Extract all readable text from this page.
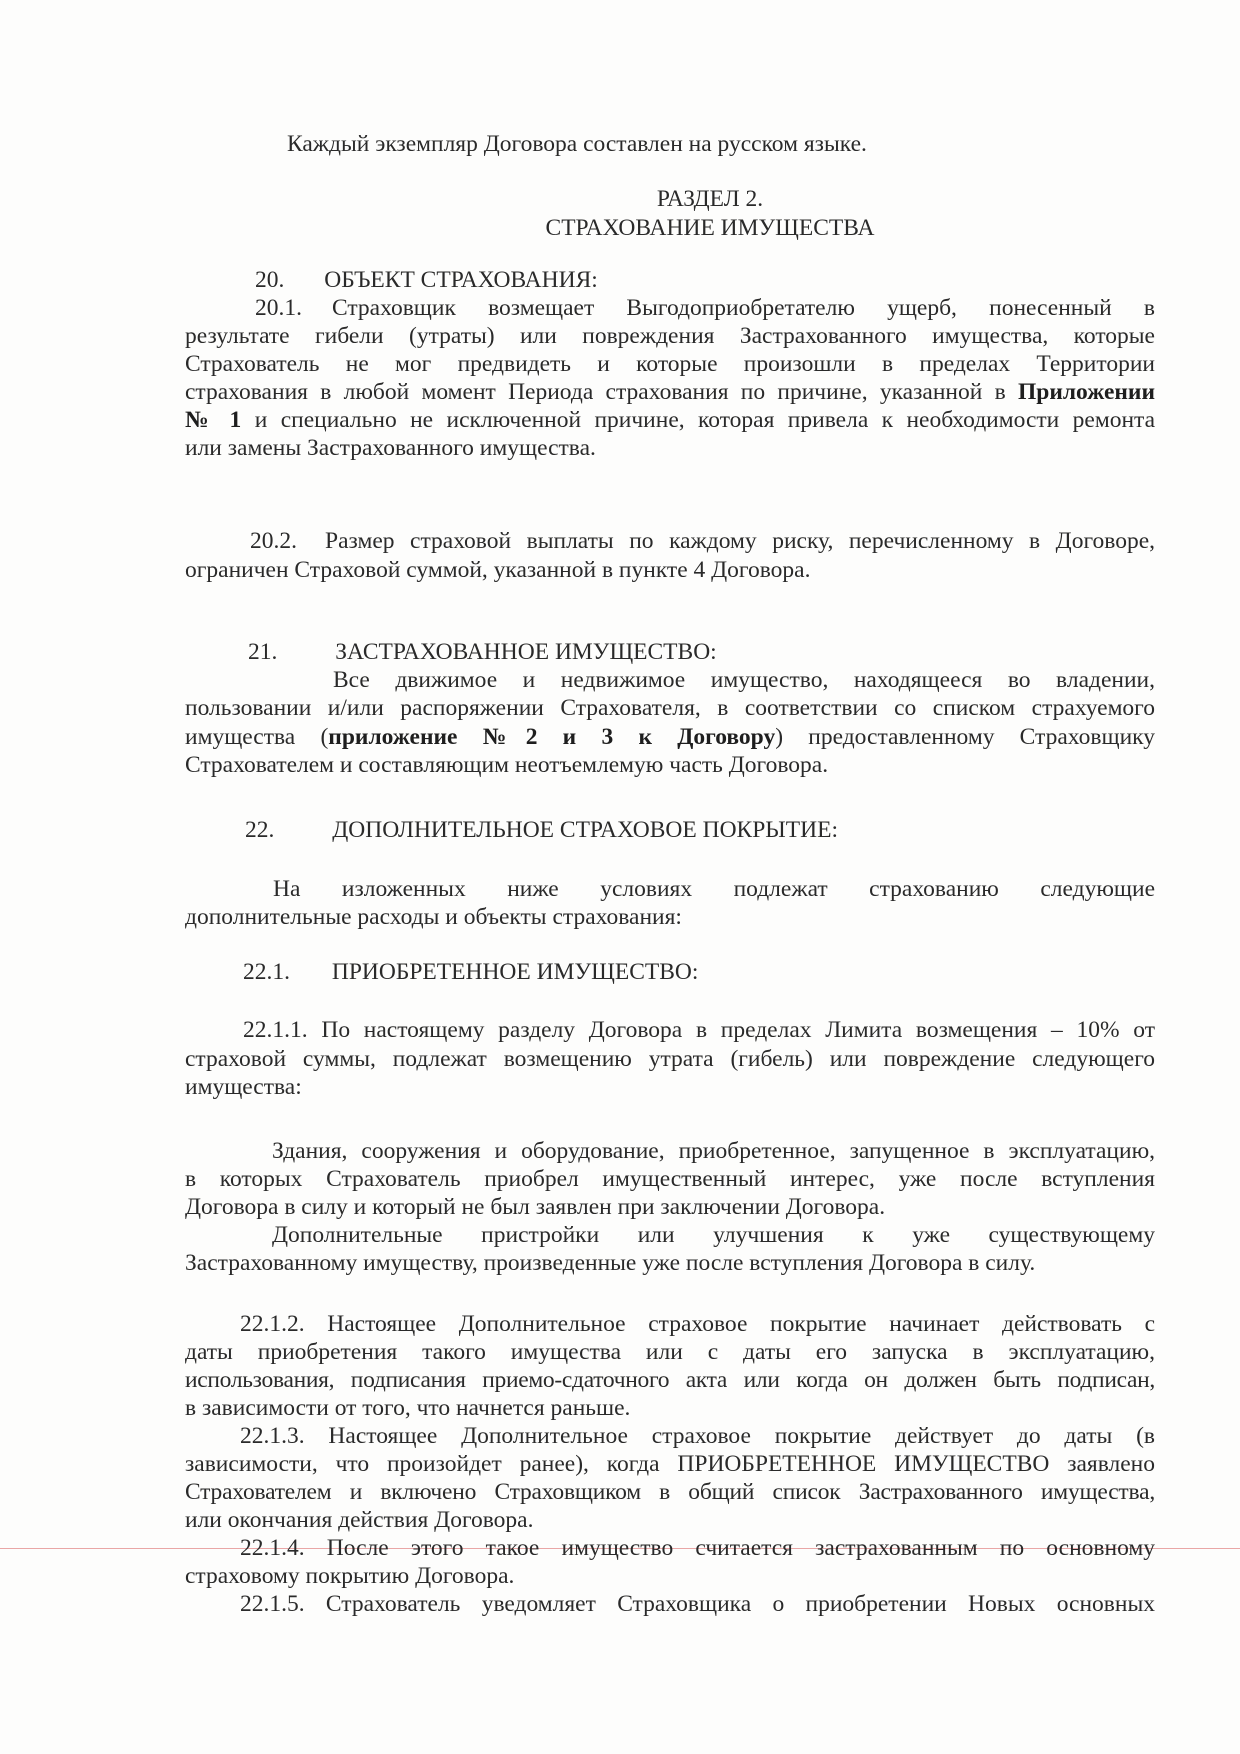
Каждый экземпляр Договора составлен на русском языке.
РАЗДЕЛ 2.
СТРАХОВАНИЕ ИМУЩЕСТВА
20. ОБЪЕКТ СТРАХОВАНИЯ:
20.1. Страховщик возмещает Выгодоприобретателю ущерб, понесенный в
результате гибели (утраты) или повреждения Застрахованного имущества, которые
Страхователь не мог предвидеть и которые произошли в пределах Территории
страхования в любой момент Периода страхования по причине, указанной в Приложении
№ 1 и специально не исключенной причине, которая привела к необходимости ремонта
или замены Застрахованного имущества.
20.2. Размер страховой выплаты по каждому риску, перечисленному в Договоре,
ограничен Страховой суммой, указанной в пункте 4 Договора.
21. ЗАСТРАХОВАННОЕ ИМУЩЕСТВО:
Все движимое и недвижимое имущество, находящееся во владении,
пользовании и/или распоряжении Страхователя, в соответствии со списком страхуемого
имущества (приложение №2 и 3 к Договору) предоставленному Страховщику
Страхователем и составляющим неотъемлемую часть Договора.
22. ДОПОЛНИТЕЛЬНОЕ СТРАХОВОЕ ПОКРЫТИЕ:
На изложенных ниже условиях подлежат страхованию следующие
дополнительные расходы и объекты страхования:
22.1. ПРИОБРЕТЕННОЕ ИМУЩЕСТВО:
22.1.1. По настоящему разделу Договора в пределах Лимита возмещения – 10% от
страховой суммы, подлежат возмещению утрата (гибель) или повреждение следующего
имущества:
Здания, сооружения и оборудование, приобретенное, запущенное в эксплуатацию,
в которых Страхователь приобрел имущественный интерес, уже после вступления
Договора в силу и который не был заявлен при заключении Договора.
Дополнительные пристройки или улучшения к уже существующему
Застрахованному имуществу, произведенные уже после вступления Договора в силу.
22.1.2. Настоящее Дополнительное страховое покрытие начинает действовать с
даты приобретения такого имущества или с даты его запуска в эксплуатацию,
использования, подписания приемо-сдаточного акта или когда он должен быть подписан,
в зависимости от того, что начнется раньше.
22.1.3. Настоящее Дополнительное страховое покрытие действует до даты (в
зависимости, что произойдет ранее), когда ПРИОБРЕТЕННОЕ ИМУЩЕСТВО заявлено
Страхователем и включено Страховщиком в общий список Застрахованного имущества,
или окончания действия Договора.
22.1.4. После этого такое имущество считается застрахованным по основному
страховому покрытию Договора.
22.1.5. Страхователь уведомляет Страховщика о приобретении Новых основных
